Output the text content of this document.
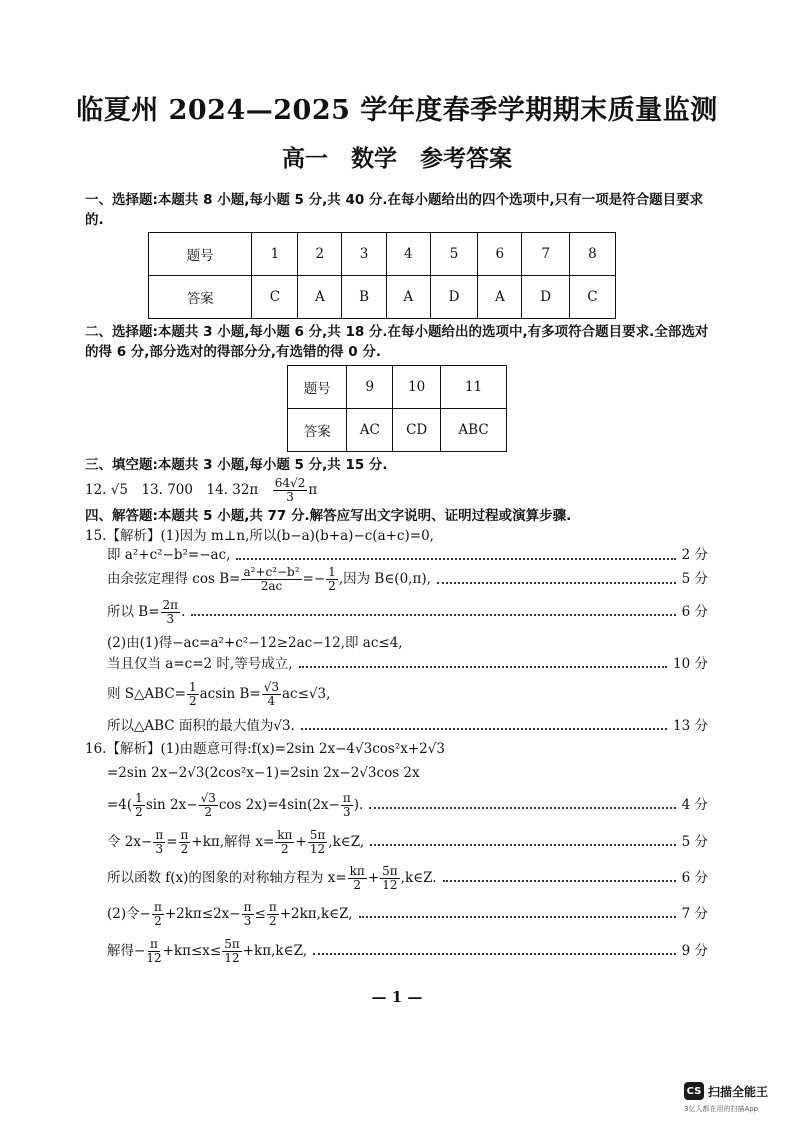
临夏州 2024—2025 学年度春季学期期末质量监测
高一　数学　参考答案
一、选择题:本题共 8 小题,每小题 5 分,共 40 分.在每小题给出的四个选项中,只有一项是符合题目要求的.
题号	1	2	3	4	5	6	7	8
答案	C	A	B	A	D	A	D	C
二、选择题:本题共 3 小题,每小题 6 分,共 18 分.在每小题给出的选项中,有多项符合题目要求.全部选对的得 6 分,部分选对的得部分分,有选错的得 0 分.
题号	9	10	11
答案	AC	CD	ABC
三、填空题:本题共 3 小题,每小题 5 分,共 15 分.
四、解答题:本题共 5 小题,共 77 分.解答应写出文字说明、证明过程或演算步骤.
12. √5　13. 700　14. 32π　 $\frac{64√2}{3}$ π
15.【解析】(1)因为 m⊥n,所以(b−a)(b+a)−c(a+c)=0,
即 a²+c²−b²=−ac,	2 分
由余弦定理得 $\cos B= \frac{\text{a²+c²−b²}}{2ac} =- \frac{1}{2}$ ,因为 B∈(0,π),	5 分
所以 $B= \frac{2\pi}{3}$ .	6 分
(2)由(1)得−ac=a²+c²−12≥2ac−12,即 ac≤4,
当且仅当 a=c=2 时,等号成立,	10 分
则 S△ABC= $\frac{1}{2}$ acsin $B= \frac{√3}{4} ac\le√3$,
所以△ABC 面积的最大值为√3.	13 分
16.【解析】(1)由题意可得:f(x)=2sin 2x−4√3cos²x+2√3
=2sin 2x−2√3(2cos²x−1)=2sin 2x−2√3cos 2x
$=4( \frac{1}{2}$ $\sin 2x- \frac{√3}{2}$ $\cos 2x)=4\sin(2x- \frac{\pi}{3}$ ).	4 分
令 $2x- \frac{\pi}{3} = \frac{\pi}{2} +k\pi$,解得 $x= \frac{k\pi}{2} + \frac{5\pi}{12}$ ,k∈Z,	5 分
所以函数 f(x)的图象的对称轴方程为 $x= \frac{k\pi}{2} + \frac{5\pi}{12}$ ,k∈Z.	6 分
(2)令− $\frac{\pi}{2} +2k\pi\le 2x- \frac{\pi}{3} \le \frac{\pi}{2}$ +2kπ,k∈Z,	7 分
解得− $\frac{\pi}{12} +k\pi\le x\le \frac{5\pi}{12}$ +kπ,k∈Z,	9 分
— 1 —
CS 扫描全能王
3亿人都在用的扫描App
